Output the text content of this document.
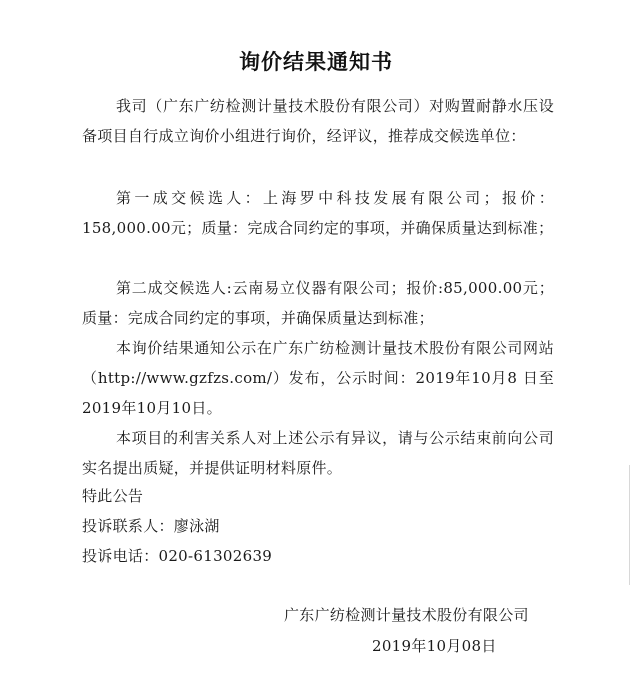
询价结果通知书
我司（广东广纺检测计量技术股份有限公司）对购置耐静水压设备项目自行成立询价小组进行询价，经评议，推荐成交候选单位：
第一成交候选人：上海罗中科技发展有限公司；报价：158,000.00元；质量：完成合同约定的事项，并确保质量达到标准；
第二成交候选人:云南易立仪器有限公司；报价:85,000.00元；质量：完成合同约定的事项，并确保质量达到标准；
本询价结果通知公示在广东广纺检测计量技术股份有限公司网站（http://www.gzfzs.com/）发布，公示时间：2019年10月8 日至2019年10月10日。
本项目的利害关系人对上述公示有异议，请与公示结束前向公司实名提出质疑，并提供证明材料原件。
特此公告
投诉联系人：廖泳湖
投诉电话：020-61302639
广东广纺检测计量技术股份有限公司
2019年10月08日
